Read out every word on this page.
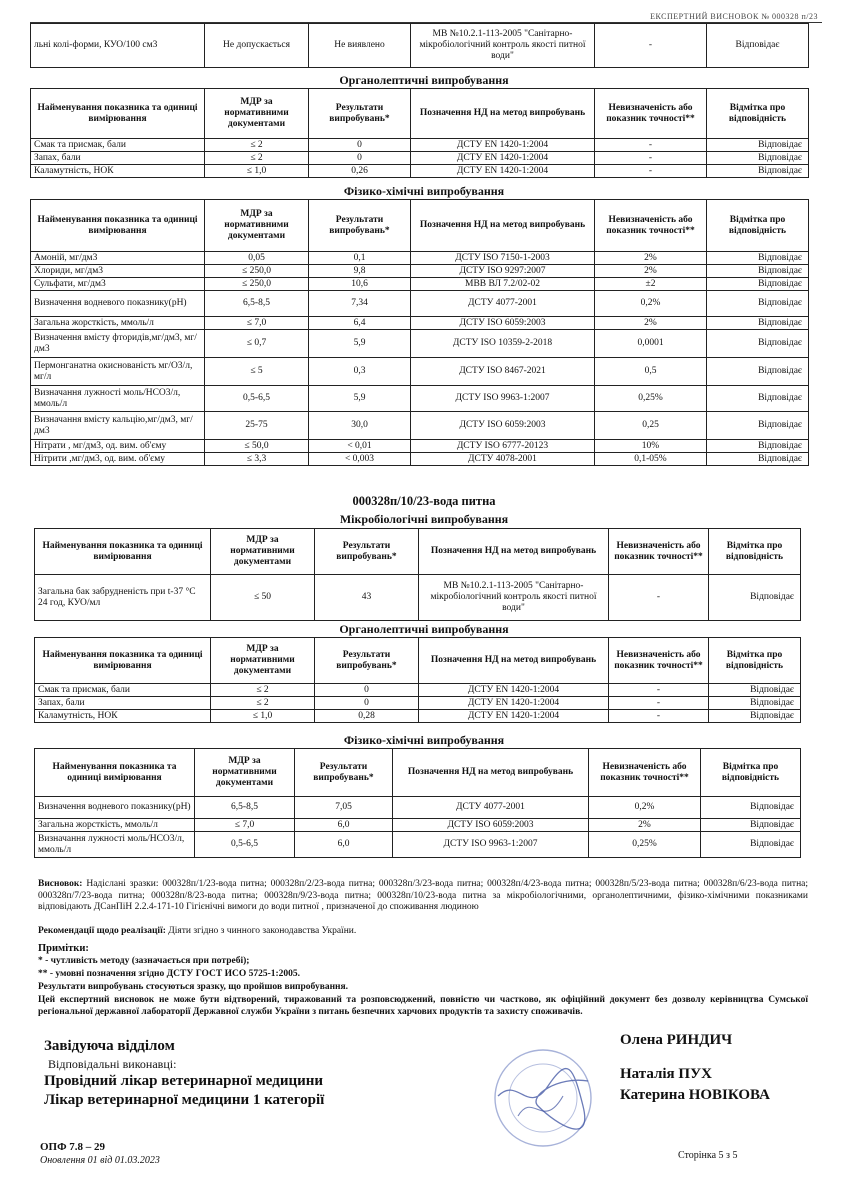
ЕКСПЕРТНИЙ ВИСНОВОК № 000328 п/23
льні колі-форми, КУО/100 см3	Не допускається	Не виявлено	МВ №10.2.1-113-2005 "Санітарно-мікробіологічний контроль якості питної води"	-	Відповідає
Органолептичні випробування
Найменування показника та одиниці вимірювання	МДР за нормативними документами	Результати випробувань*	Позначення НД на метод випробувань	Невизначеність або показник точності**	Відмітка про відповідність
Смак та присмак, бали	≤ 2	0	ДСТУ EN 1420-1:2004	-	Відповідає
Запах, бали	≤ 2	0	ДСТУ EN 1420-1:2004	-	Відповідає
Каламутність, НОК	≤ 1,0	0,26	ДСТУ EN 1420-1:2004	-	Відповідає
Фізико-хімічні випробування
Найменування показника та одиниці вимірювання	МДР за нормативними документами	Результати випробувань*	Позначення НД на метод випробувань	Невизначеність або показник точності**	Відмітка про відповідність
Амоній, мг/дм3	0,05	0,1	ДСТУ ISO 7150-1-2003	2%	Відповідає
Хлориди, мг/дм3	≤ 250,0	9,8	ДСТУ ISO 9297:2007	2%	Відповідає
Сульфати, мг/дм3	≤ 250,0	10,6	МВВ ВЛ 7.2/02-02	±2	Відповідає
Визначення водневого показнику(pH)	6,5-8,5	7,34	ДСТУ 4077-2001	0,2%	Відповідає
Загальна жорсткість, ммоль/л	≤ 7,0	6,4	ДСТУ ISO 6059:2003	2%	Відповідає
Визначення вмісту фторидів,мг/дм3, мг/дм3	≤ 0,7	5,9	ДСТУ ISO 10359-2-2018	0,0001	Відповідає
Пермонганатна окиснованість мг/О3/л, мг/л	≤ 5	0,3	ДСТУ ISO 8467-2021	0,5	Відповідає
Визначання лужності моль/НСО3/л, ммоль/л	0,5-6,5	5,9	ДСТУ ISO 9963-1:2007	0,25%	Відповідає
Визначання вмісту кальцію,мг/дм3, мг/дм3	25-75	30,0	ДСТУ ISO 6059:2003	0,25	Відповідає
Нітрати , мг/дм3, од. вим. об'єму	≤ 50,0	< 0,01	ДСТУ ISO 6777-20123	10%	Відповідає
Нітрити ,мг/дм3, од. вим. об'єму	≤ 3,3	< 0,003	ДСТУ 4078-2001	0,1-05%	Відповідає
000328п/10/23-вода питна
Мікробіологічні випробування
Найменування показника та одиниці вимірювання	МДР за нормативними документами	Результати випробувань*	Позначення НД на метод випробувань	Невизначеність або показник точності**	Відмітка про відповідність
Загальна бак забрудненість при t-37 °С 24 год, КУО/мл	≤ 50	43	МВ №10.2.1-113-2005 "Санітарно-мікробіологічний контроль якості питної води"	-	Відповідає
Органолептичні випробування
Найменування показника та одиниці вимірювання	МДР за нормативними документами	Результати випробувань*	Позначення НД на метод випробувань	Невизначеність або показник точності**	Відмітка про відповідність
Смак та присмак, бали	≤ 2	0	ДСТУ EN 1420-1:2004	-	Відповідає
Запах, бали	≤ 2	0	ДСТУ EN 1420-1:2004	-	Відповідає
Каламутність, НОК	≤ 1,0	0,28	ДСТУ EN 1420-1:2004	-	Відповідає
Фізико-хімічні випробування
Найменування показника та одиниці вимірювання	МДР за нормативними документами	Результати випробувань*	Позначення НД на метод випробувань	Невизначеність або показник точності**	Відмітка про відповідність
Визначення водневого показнику(pH)	6,5-8,5	7,05	ДСТУ 4077-2001	0,2%	Відповідає
Загальна жорсткість, ммоль/л	≤ 7,0	6,0	ДСТУ ISO 6059:2003	2%	Відповідає
Визначання лужності моль/НСО3/л, ммоль/л	0,5-6,5	6,0	ДСТУ ISO 9963-1:2007	0,25%	Відповідає
Висновок: Надіслані зразки: 000328п/1/23-вода питна; 000328п/2/23-вода питна; 000328п/3/23-вода питна; 000328п/4/23-вода питна; 000328п/5/23-вода питна; 000328п/6/23-вода питна; 000328п/7/23-вода питна; 000328п/8/23-вода питна; 000328п/9/23-вода питна; 000328п/10/23-вода питна за мікробіологічними, органолептичними, фізико-хімічними показниками відповідають ДСанПіН 2.2.4-171-10 Гігієнічні вимоги до води питної , призначеної до споживання людиною
Рекомендації щодо реалізації: Діяти згідно з чинного законодавства України.
Примітки:
* - чутливість методу (зазначається при потребі);
** - умовні позначення згідно ДСТУ ГОСТ ИСО 5725-1:2005.
Результати випробувань стосуються зразку, що пройшов випробування.
Цей експертний висновок не може бути відтворений, тиражований та розповсюджений, повністю чи частково, як офіційний документ без дозволу керівництва Сумської регіональної державної лабораторії Державної служби України з питань безпечних харчових продуктів та захисту споживачів.
Завідуюча відділом	Олена РИНДИЧ
Відповідальні виконавці:
Провідний лікар ветеринарної медицини	Наталія ПУХ
Лікар ветеринарної медицини 1 категорії	Катерина НОВІКОВА
ОПФ 7.8 – 29
Оновлення 01 від 01.03.2023	Сторінка 5 з 5
